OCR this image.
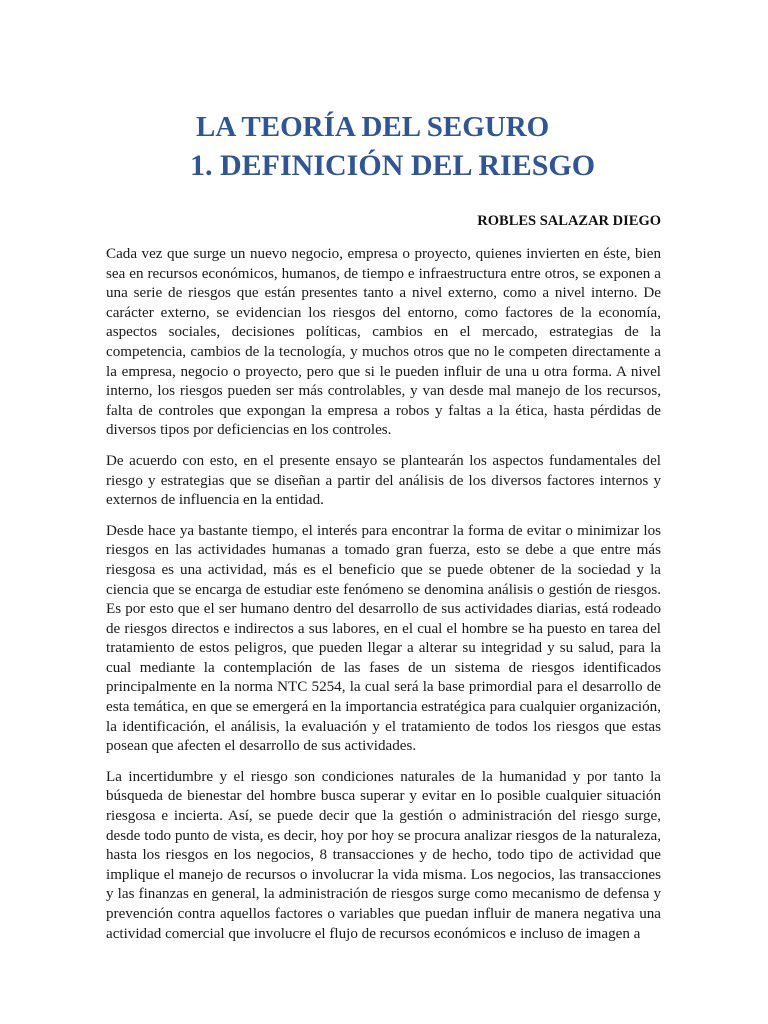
LA TEORÍA DEL SEGURO
1. DEFINICIÓN DEL RIESGO
ROBLES SALAZAR DIEGO

Cada vez que surge un nuevo negocio, empresa o proyecto, quienes invierten en éste, bien sea en recursos económicos, humanos, de tiempo e infraestructura entre otros, se exponen a una serie de riesgos que están presentes tanto a nivel externo, como a nivel interno. De carácter externo, se evidencian los riesgos del entorno, como factores de la economía, aspectos sociales, decisiones políticas, cambios en el mercado, estrategias de la competencia, cambios de la tecnología, y muchos otros que no le competen directamente a la empresa, negocio o proyecto, pero que si le pueden influir de una u otra forma. A nivel interno, los riesgos pueden ser más controlables, y van desde mal manejo de los recursos, falta de controles que expongan la empresa a robos y faltas a la ética, hasta pérdidas de diversos tipos por deficiencias en los controles.

De acuerdo con esto, en el presente ensayo se plantearán los aspectos fundamentales del riesgo y estrategias que se diseñan a partir del análisis de los diversos factores internos y externos de influencia en la entidad.

Desde hace ya bastante tiempo, el interés para encontrar la forma de evitar o minimizar los riesgos en las actividades humanas a tomado gran fuerza, esto se debe a que entre más riesgosa es una actividad, más es el beneficio que se puede obtener de la sociedad y la ciencia que se encarga de estudiar este fenómeno se denomina análisis o gestión de riesgos. Es por esto que el ser humano dentro del desarrollo de sus actividades diarias, está rodeado de riesgos directos e indirectos a sus labores, en el cual el hombre se ha puesto en tarea del tratamiento de estos peligros, que pueden llegar a alterar su integridad y su salud, para la cual mediante la contemplación de las fases de un sistema de riesgos identificados principalmente en la norma NTC 5254, la cual será la base primordial para el desarrollo de esta temática, en que se emergerá en la importancia estratégica para cualquier organización, la identificación, el análisis, la evaluación y el tratamiento de todos los riesgos que estas posean que afecten el desarrollo de sus actividades.

La incertidumbre y el riesgo son condiciones naturales de la humanidad y por tanto la búsqueda de bienestar del hombre busca superar y evitar en lo posible cualquier situación riesgosa e incierta. Así, se puede decir que la gestión o administración del riesgo surge, desde todo punto de vista, es decir, hoy por hoy se procura analizar riesgos de la naturaleza, hasta los riesgos en los negocios, 8 transacciones y de hecho, todo tipo de actividad que implique el manejo de recursos o involucrar la vida misma. Los negocios, las transacciones y las finanzas en general, la administración de riesgos surge como mecanismo de defensa y prevención contra aquellos factores o variables que puedan influir de manera negativa una actividad comercial que involucre el flujo de recursos económicos e incluso de imagen a
